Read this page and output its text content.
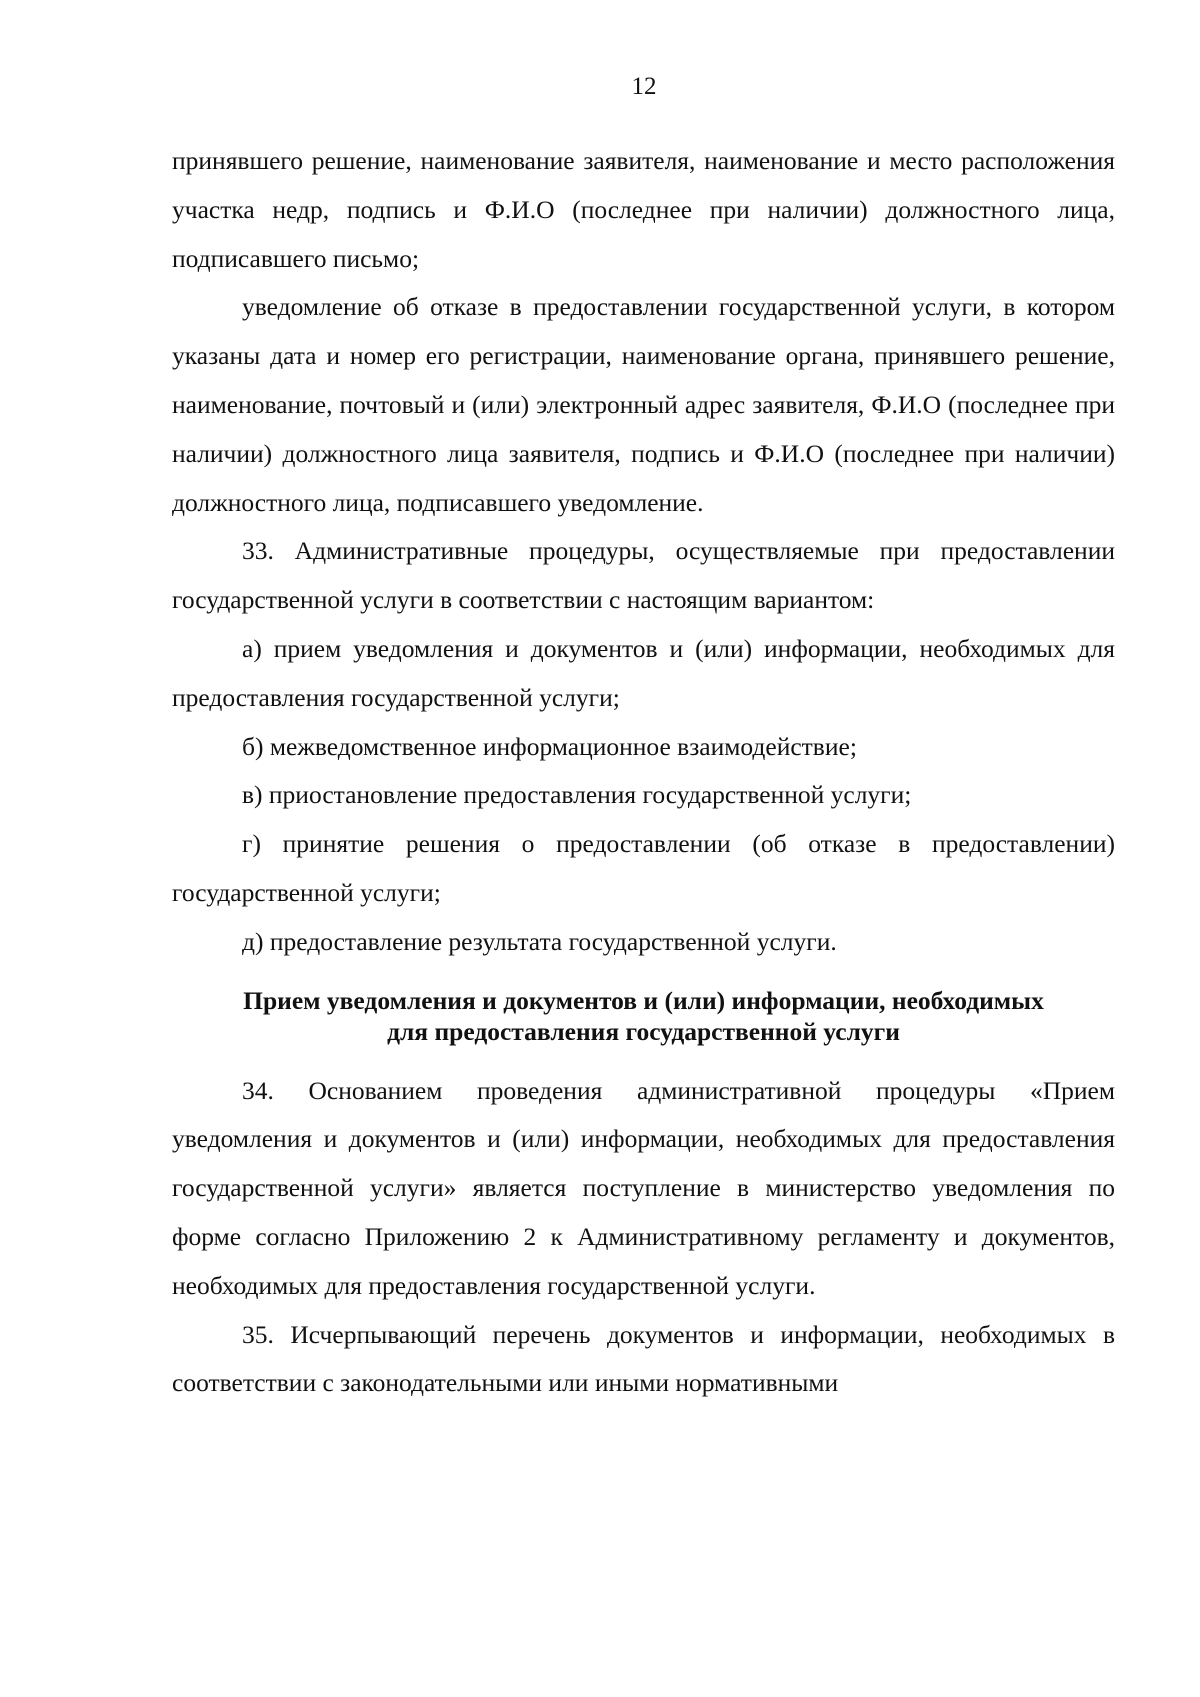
12

принявшего решение, наименование заявителя, наименование и место расположения участка недр, подпись и Ф.И.О (последнее при наличии) должностного лица, подписавшего письмо;

уведомление об отказе в предоставлении государственной услуги, в котором указаны дата и номер его регистрации, наименование органа, принявшего решение, наименование, почтовый и (или) электронный адрес заявителя, Ф.И.О (последнее при наличии) должностного лица заявителя, подпись и Ф.И.О (последнее при наличии) должностного лица, подписавшего уведомление.

33. Административные процедуры, осуществляемые при предоставлении государственной услуги в соответствии с настоящим вариантом:

а) прием уведомления и документов и (или) информации, необходимых для предоставления государственной услуги;

б) межведомственное информационное взаимодействие;

в) приостановление предоставления государственной услуги;

г) принятие решения о предоставлении (об отказе в предоставлении) государственной услуги;

д) предоставление результата государственной услуги.

Прием уведомления и документов и (или) информации, необходимых
для предоставления государственной услуги

34. Основанием проведения административной процедуры «Прием уведомления и документов и (или) информации, необходимых для предоставления государственной услуги» является поступление в министерство уведомления по форме согласно Приложению 2 к Административному регламенту и документов, необходимых для предоставления государственной услуги.

35. Исчерпывающий перечень документов и информации, необходимых в соответствии с законодательными или иными нормативными
